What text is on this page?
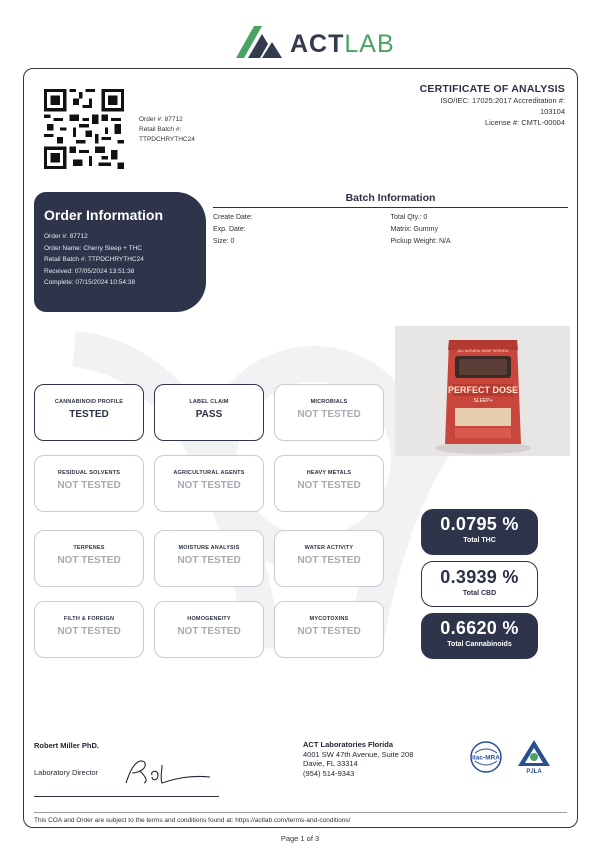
ACTLAB
Order #: 87712
Retail Batch #:
TTPDCHRYTHC24
CERTIFICATE OF ANALYSIS
ISO/IEC: 17025:2017 Accreditation #: 103104
License #: CMTL-00004
Order Information
Order #: 87712
Order Name: Cherry Sleep + THC
Retail Batch #: TTPDCHRYTHC24
Received: 07/05/2024 13:51:38
Complete: 07/15/2024 10:54:38
Batch Information
Create Date:
Exp. Date:
Size: 0
Total Qty.: 0
Matrix: Gummy
Pickup Weight: N/A
ALL NATURAL HEMP DERIVED
PERFECT DOSE
SLEEP+
CANNABINOID PROFILE
TESTED
LABEL CLAIM
PASS
MICROBIALS
NOT TESTED
RESIDUAL SOLVENTS
NOT TESTED
AGRICULTURAL AGENTS
NOT TESTED
HEAVY METALS
NOT TESTED
TERPENES
NOT TESTED
MOISTURE ANALYSIS
NOT TESTED
WATER ACTIVITY
NOT TESTED
FILTH & FOREIGN
NOT TESTED
HOMOGENEITY
NOT TESTED
MYCOTOXINS
NOT TESTED
0.0795 %
Total THC
0.3939 %
Total CBD
0.6620 %
Total Cannabinoids
Robert Miller PhD.
Laboratory Director
ACT Laboratories Florida
4001 SW 47th Avenue, Suite 208
Davie, FL 33314
(954) 514-9343
ilac-MRA
PJLA
This COA and Order are subject to the terms and conditions found at: https://actlab.com/terms-and-conditions/
Page 1 of 3
